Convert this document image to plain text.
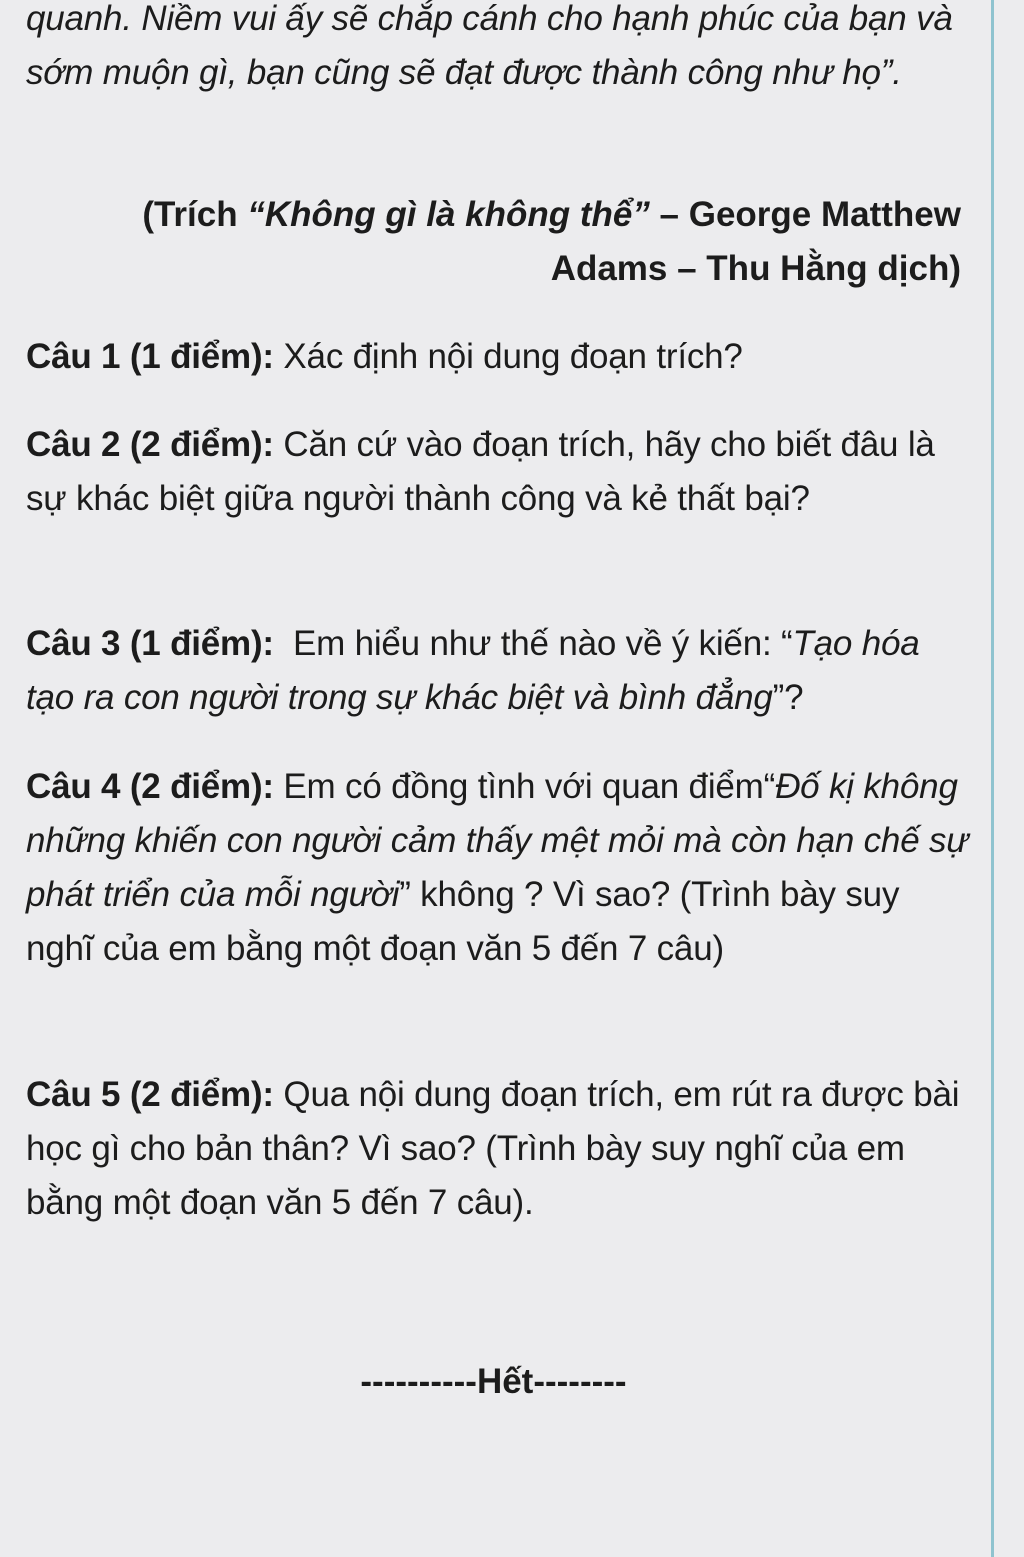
quanh. Niềm vui ấy sẽ chắp cánh cho hạnh phúc của bạn và sớm muộn gì, bạn cũng sẽ đạt được thành công như họ”.

(Trích “Không gì là không thể” – George Matthew
Adams – Thu Hằng dịch)

Câu 1 (1 điểm): Xác định nội dung đoạn trích?

Câu 2 (2 điểm): Căn cứ vào đoạn trích, hãy cho biết đâu là sự khác biệt giữa người thành công và kẻ thất bại?

Câu 3 (1 điểm):  Em hiểu như thế nào về ý kiến: “Tạo hóa tạo ra con người trong sự khác biệt và bình đẳng”?

Câu 4 (2 điểm): Em có đồng tình với quan điểm“Đố kị không những khiến con người cảm thấy mệt mỏi mà còn hạn chế sự phát triển của mỗi người” không ? Vì sao? (Trình bày suy nghĩ của em bằng một đoạn văn 5 đến 7 câu)

Câu 5 (2 điểm): Qua nội dung đoạn trích, em rút ra được bài học gì cho bản thân? Vì sao? (Trình bày suy nghĩ của em bằng một đoạn văn 5 đến 7 câu).

----------Hết--------
